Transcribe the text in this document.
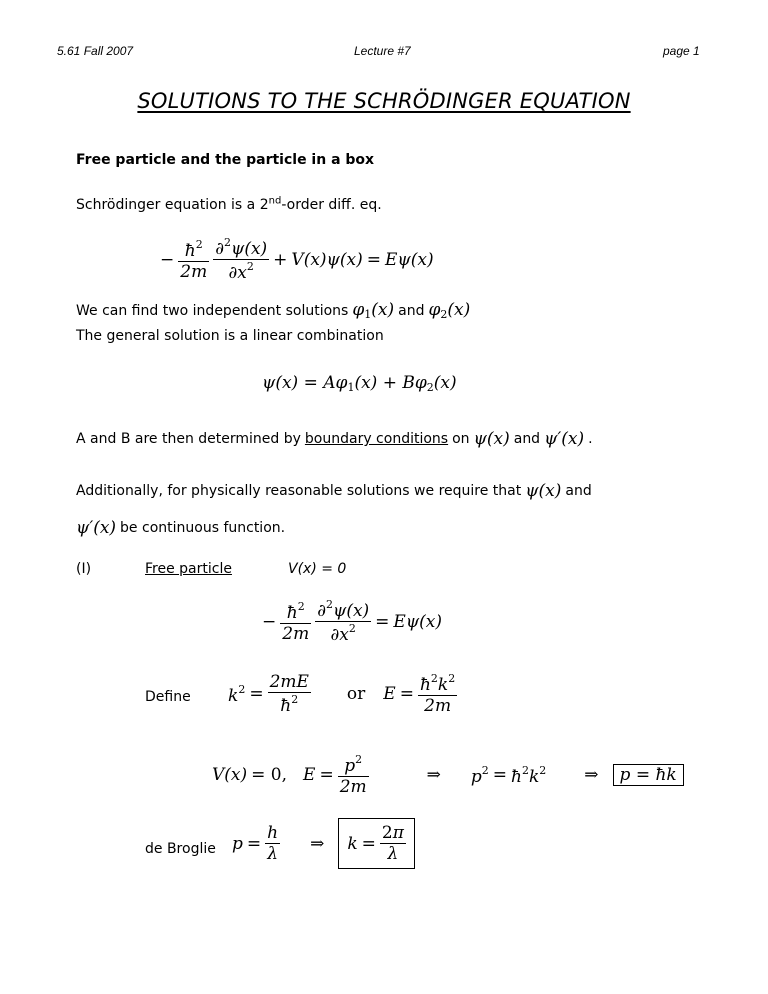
5.61 Fall 2007	Lecture #7	page 1
SOLUTIONS TO THE SCHRÖDINGER EQUATION
Free particle and the particle in a box
Schrödinger equation is a 2nd-order diff. eq.
− $\frac{ħ^2}{2m} \frac{\partial^2\psi(x)}{\partial x^2} + V(x)\psi(x) = E\psi(x)$
We can find two independent solutions $\varphi_1(x)$ and $\varphi_2(x)$
The general solution is a linear combination
$\psi(x) = A\varphi_1(x) + B\varphi_2(x)$
A and B are then determined by boundary conditions on ψ(x) and ψ′(x) .
Additionally, for physically reasonable solutions we require that ψ(x) and
ψ′(x) be continuous function.
(I)	Free particle	V(x) = 0
− $\frac{ħ^2}{2m} \frac{\partial^2\psi(x)}{\partial x^2} = E\psi(x)$
Define $k^2 = \frac{2mE}{ħ^2}$ or $E = \frac{ħ^2k^2}{2m}$
V(x) = 0, $E = \frac{p^2}{2m}$	⇒ $p^2$ = $ħ^2k^2$ ⇒	p = ħk
de Broglie $p = \frac{h}{\lambda}$ ⇒ $k = \frac{2\pi}{\lambda}$
